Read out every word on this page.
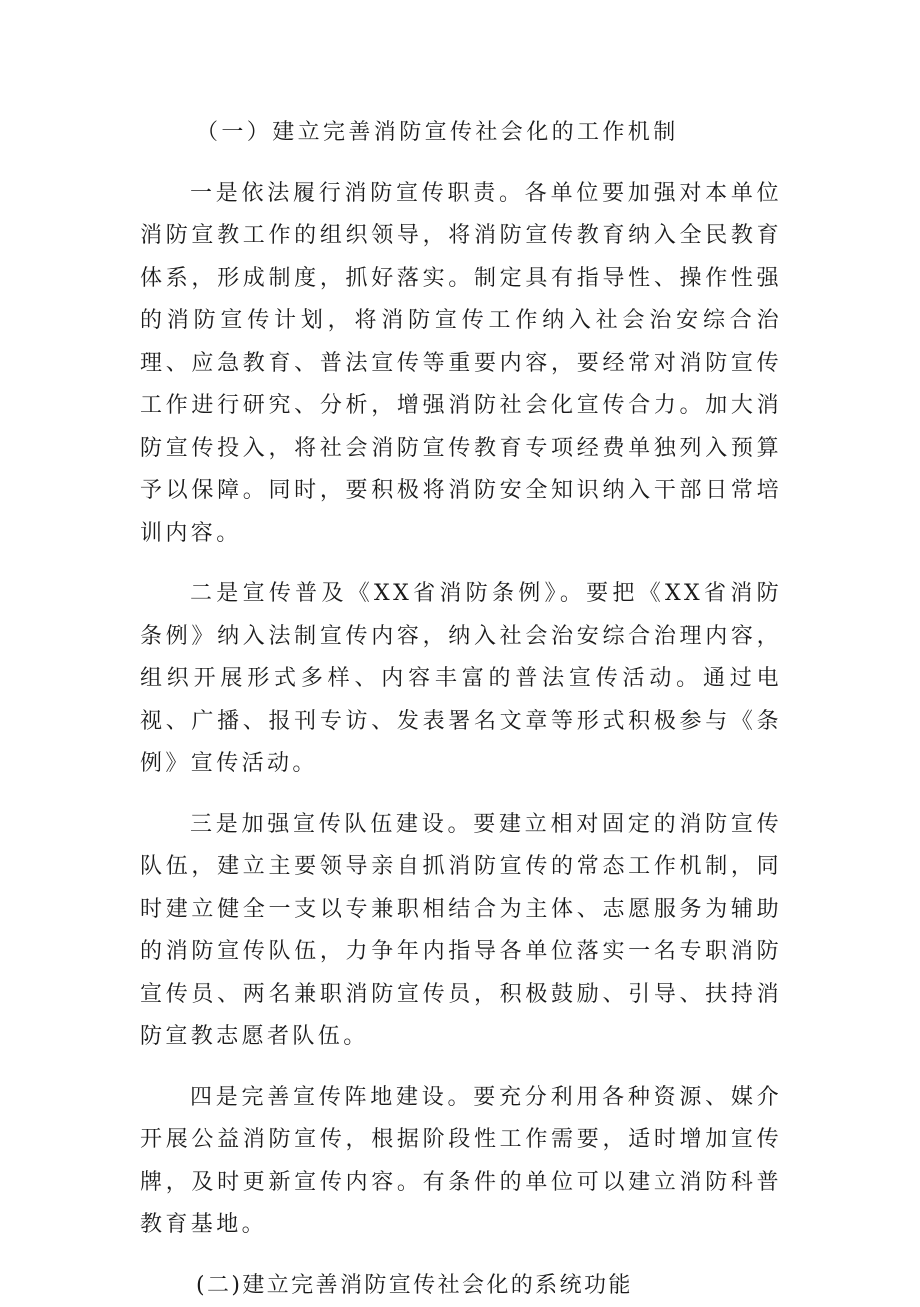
（一）建立完善消防宣传社会化的工作机制

一是依法履行消防宣传职责。各单位要加强对本单位消防宣教工作的组织领导，将消防宣传教育纳入全民教育体系，形成制度，抓好落实。制定具有指导性、操作性强的消防宣传计划，将消防宣传工作纳入社会治安综合治理、应急教育、普法宣传等重要内容，要经常对消防宣传工作进行研究、分析，增强消防社会化宣传合力。加大消防宣传投入，将社会消防宣传教育专项经费单独列入预算予以保障。同时，要积极将消防安全知识纳入干部日常培训内容。

二是宣传普及《XX省消防条例》。要把《XX省消防条例》纳入法制宣传内容，纳入社会治安综合治理内容，组织开展形式多样、内容丰富的普法宣传活动。通过电视、广播、报刊专访、发表署名文章等形式积极参与《条例》宣传活动。

三是加强宣传队伍建设。要建立相对固定的消防宣传队伍，建立主要领导亲自抓消防宣传的常态工作机制，同时建立健全一支以专兼职相结合为主体、志愿服务为辅助的消防宣传队伍，力争年内指导各单位落实一名专职消防宣传员、两名兼职消防宣传员，积极鼓励、引导、扶持消防宣教志愿者队伍。

四是完善宣传阵地建设。要充分利用各种资源、媒介开展公益消防宣传，根据阶段性工作需要，适时增加宣传牌，及时更新宣传内容。有条件的单位可以建立消防科普教育基地。

(二)建立完善消防宣传社会化的系统功能
